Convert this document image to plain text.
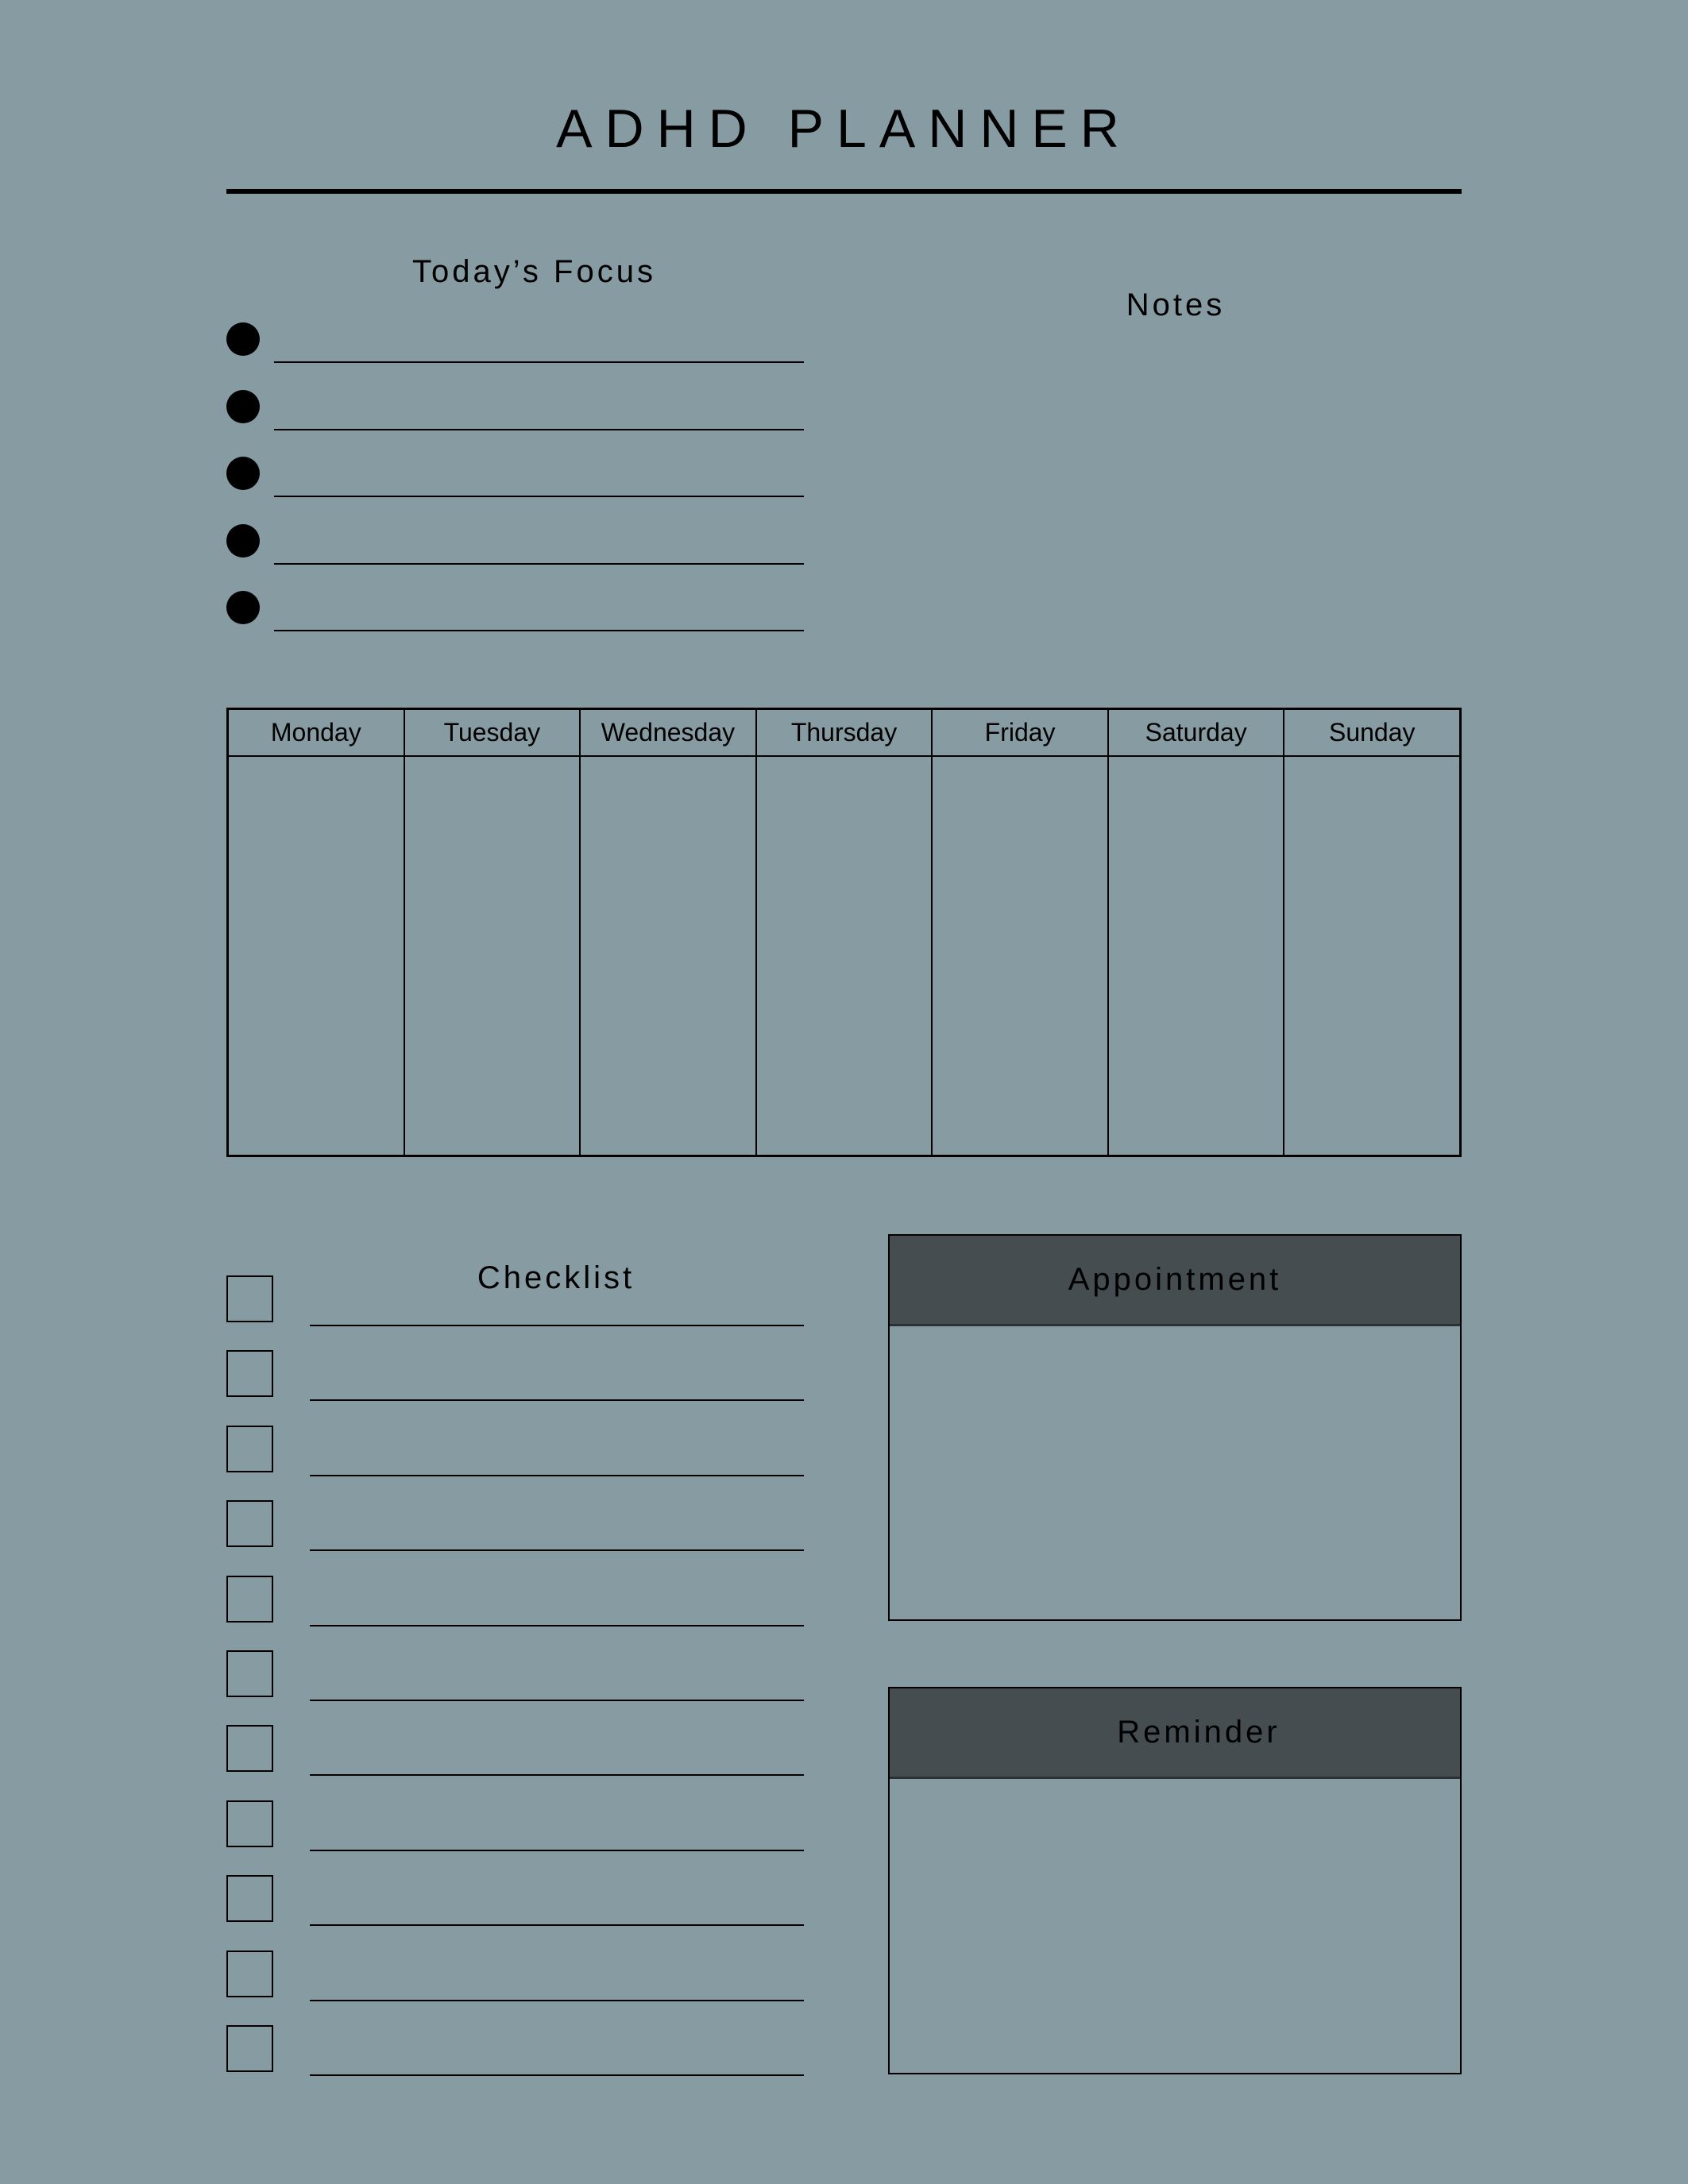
ADHD PLANNER
Today’s Focus
Notes
Monday	Tuesday	Wednesday	Thursday	Friday	Saturday	Sunday
Checklist	Appointment
Reminder
